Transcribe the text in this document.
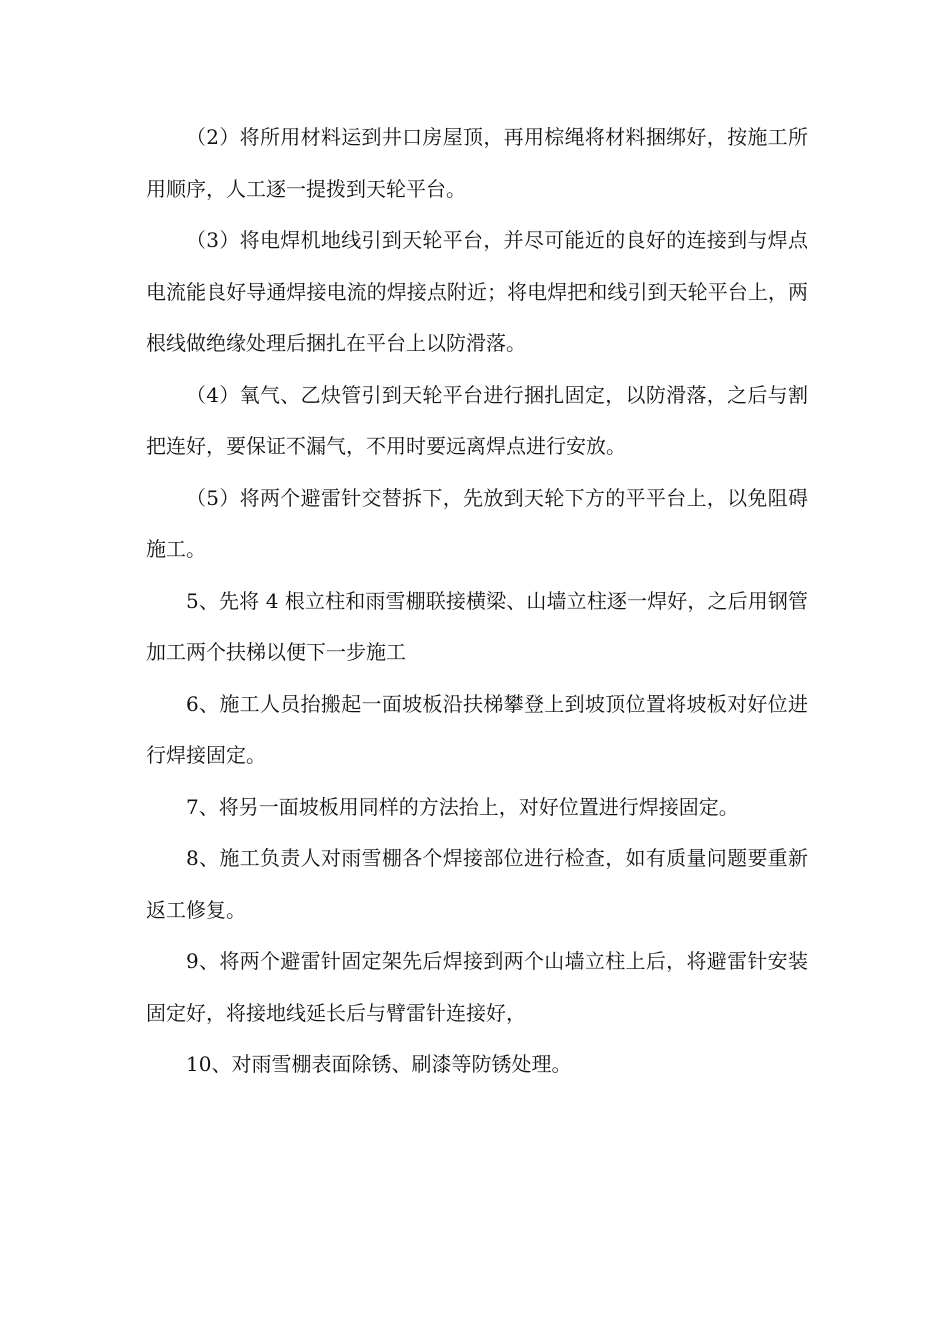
（2）将所用材料运到井口房屋顶，再用棕绳将材料捆绑好，按施工所用顺序，人工逐一提拨到天轮平台。

（3）将电焊机地线引到天轮平台，并尽可能近的良好的连接到与焊点电流能良好导通焊接电流的焊接点附近；将电焊把和线引到天轮平台上，两根线做绝缘处理后捆扎在平台上以防滑落。

（4）氧气、乙炔管引到天轮平台进行捆扎固定，以防滑落，之后与割把连好，要保证不漏气，不用时要远离焊点进行安放。

（5）将两个避雷针交替拆下，先放到天轮下方的平平台上，以免阻碍施工。

5、先将 4 根立柱和雨雪棚联接横梁、山墙立柱逐一焊好，之后用钢管加工两个扶梯以便下一步施工

6、施工人员抬搬起一面坡板沿扶梯攀登上到坡顶位置将坡板对好位进行焊接固定。

7、将另一面坡板用同样的方法抬上，对好位置进行焊接固定。

8、施工负责人对雨雪棚各个焊接部位进行检查，如有质量问题要重新返工修复。

9、将两个避雷针固定架先后焊接到两个山墙立柱上后，将避雷针安装固定好，将接地线延长后与臂雷针连接好，

10、对雨雪棚表面除锈、刷漆等防锈处理。
